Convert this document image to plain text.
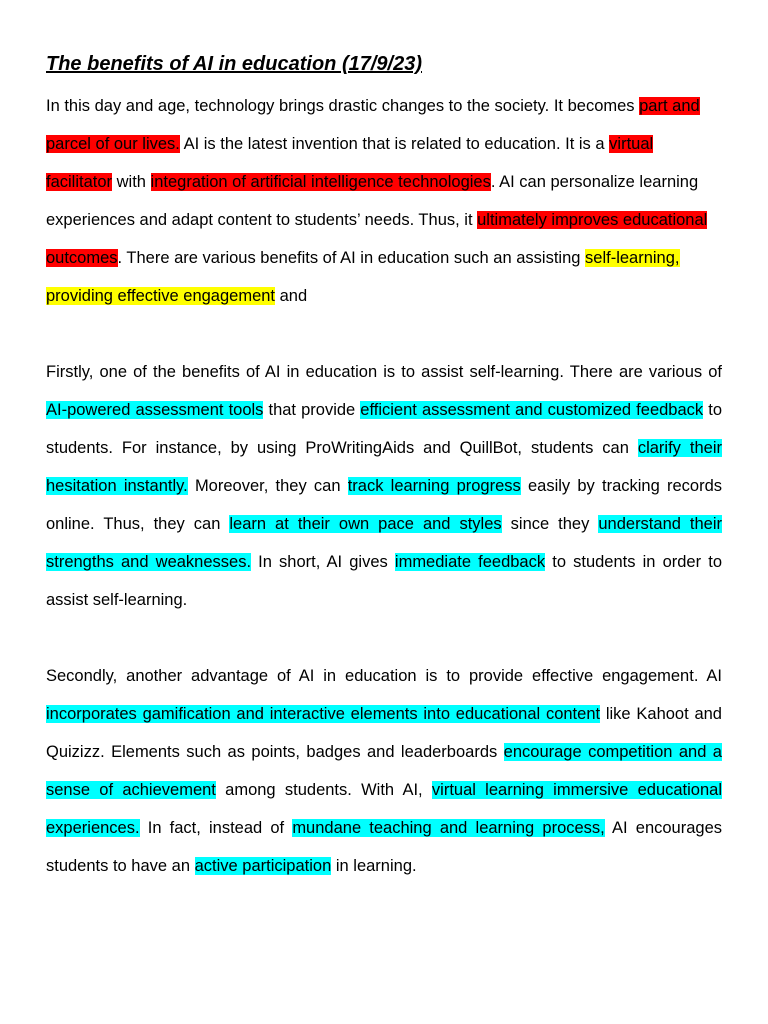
The benefits of AI in education (17/9/23)

In this day and age, technology brings drastic changes to the society. It becomes part and parcel of our lives. AI is the latest invention that is related to education. It is a virtual facilitator with integration of artificial intelligence technologies. AI can personalize learning experiences and adapt content to students’ needs. Thus, it ultimately improves educational outcomes. There are various benefits of AI in education such an assisting self-learning, providing effective engagement and

Firstly, one of the benefits of AI in education is to assist self-learning. There are various of AI-powered assessment tools that provide efficient assessment and customized feedback to students. For instance, by using ProWritingAids and QuillBot, students can clarify their hesitation instantly. Moreover, they can track learning progress easily by tracking records online. Thus, they can learn at their own pace and styles since they understand their strengths and weaknesses. In short, AI gives immediate feedback to students in order to assist self-learning.

Secondly, another advantage of AI in education is to provide effective engagement. AI incorporates gamification and interactive elements into educational content like Kahoot and Quizizz. Elements such as points, badges and leaderboards encourage competition and a sense of achievement among students. With AI, virtual learning immersive educational experiences. In fact, instead of mundane teaching and learning process, AI encourages students to have an active participation in learning.
